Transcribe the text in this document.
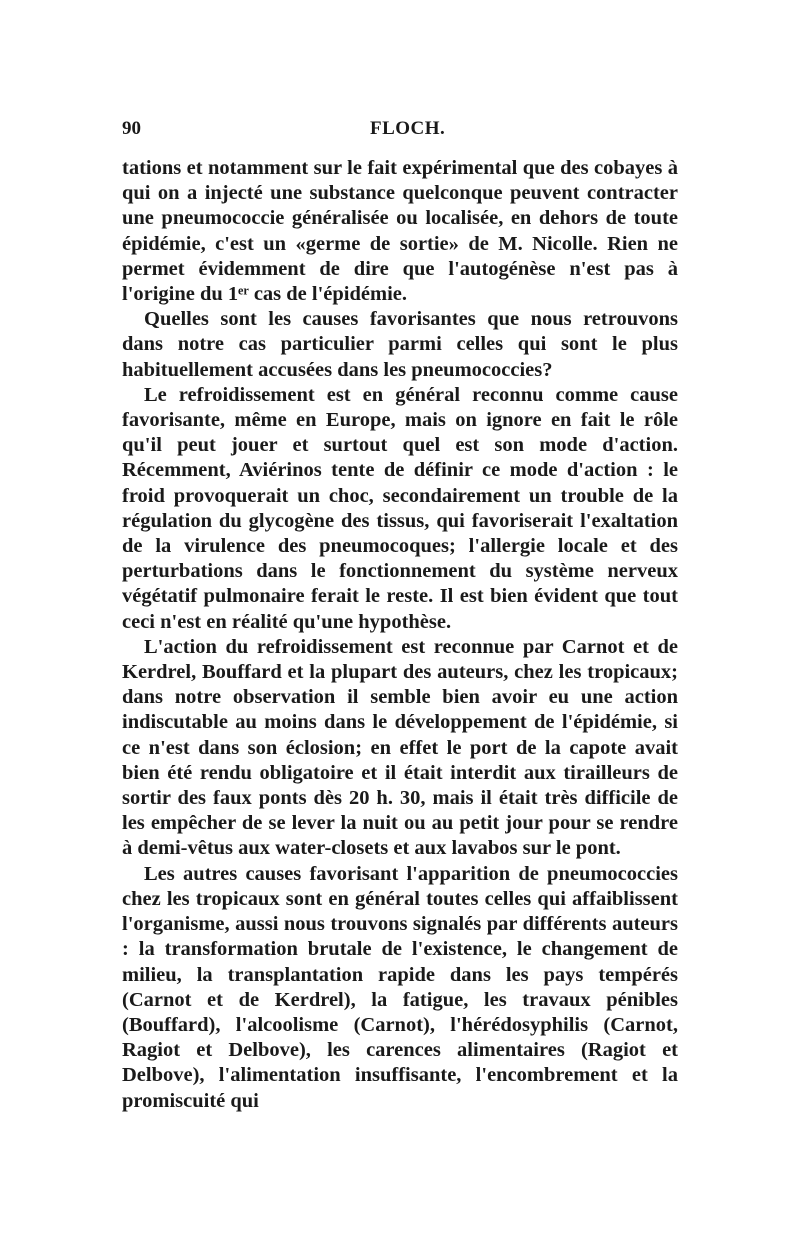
90	FLOCH.

tations et notamment sur le fait expérimental que des cobayes à qui on a injecté une substance quelconque peuvent contracter une pneumococcie généralisée ou localisée, en dehors de toute épidémie, c'est un «germe de sortie» de M. Nicolle. Rien ne permet évidemment de dire que l'autogénèse n'est pas à l'origine du 1ᵉʳ cas de l'épidémie.

Quelles sont les causes favorisantes que nous retrouvons dans notre cas particulier parmi celles qui sont le plus habituellement accusées dans les pneumococcies?

Le refroidissement est en général reconnu comme cause favorisante, même en Europe, mais on ignore en fait le rôle qu'il peut jouer et surtout quel est son mode d'action. Récemment, Aviérinos tente de définir ce mode d'action : le froid provoquerait un choc, secondairement un trouble de la régulation du glycogène des tissus, qui favoriserait l'exaltation de la virulence des pneumocoques; l'allergie locale et des perturbations dans le fonctionnement du système nerveux végétatif pulmonaire ferait le reste. Il est bien évident que tout ceci n'est en réalité qu'une hypothèse.

L'action du refroidissement est reconnue par Carnot et de Kerdrel, Bouffard et la plupart des auteurs, chez les tropicaux; dans notre observation il semble bien avoir eu une action indiscutable au moins dans le développement de l'épidémie, si ce n'est dans son éclosion; en effet le port de la capote avait bien été rendu obligatoire et il était interdit aux tirailleurs de sortir des faux ponts dès 20 h. 30, mais il était très difficile de les empêcher de se lever la nuit ou au petit jour pour se rendre à demi-vêtus aux water-closets et aux lavabos sur le pont.

Les autres causes favorisant l'apparition de pneumococcies chez les tropicaux sont en général toutes celles qui affaiblissent l'organisme, aussi nous trouvons signalés par différents auteurs : la transformation brutale de l'existence, le changement de milieu, la transplantation rapide dans les pays tempérés (Carnot et de Kerdrel), la fatigue, les travaux pénibles (Bouffard), l'alcoolisme (Carnot), l'hérédosyphilis (Carnot, Ragiot et Delbove), les carences alimentaires (Ragiot et Delbove), l'alimentation insuffisante, l'encombrement et la promiscuité qui
